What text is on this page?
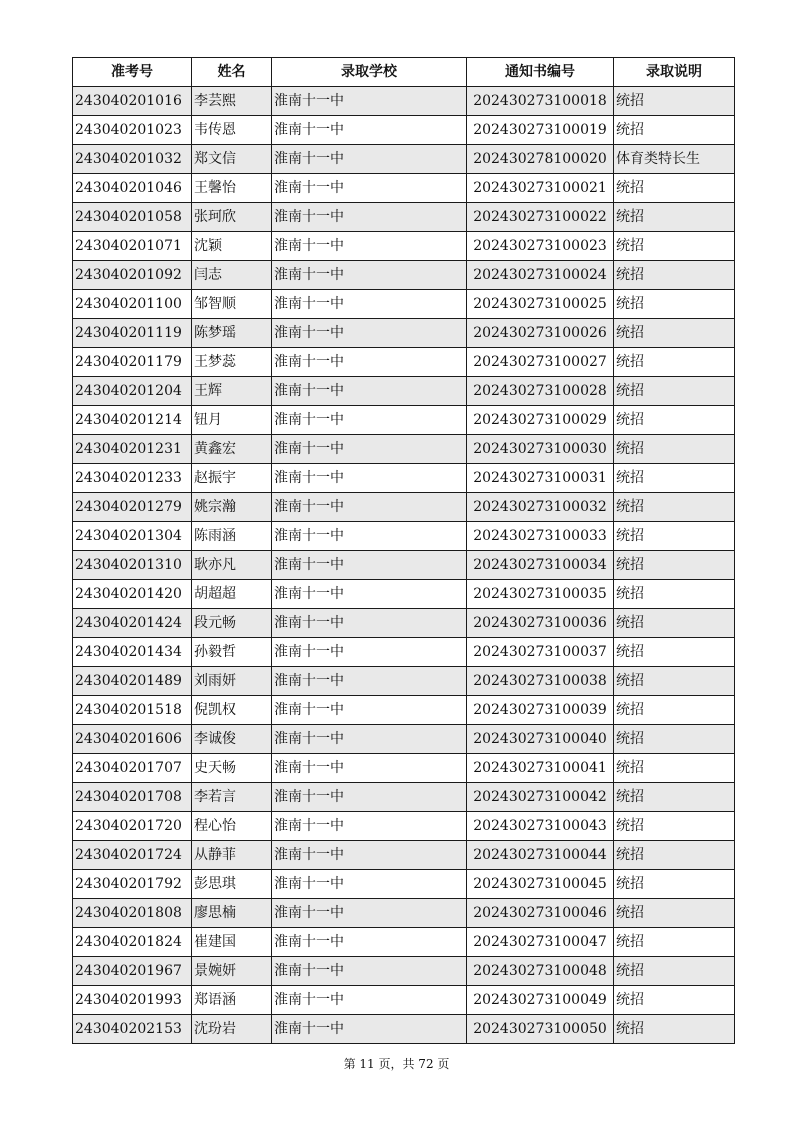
准考号	姓名	录取学校	通知书编号	录取说明
243040201016	李芸熙	淮南十一中	202430273100018	统招
243040201023	韦传恩	淮南十一中	202430273100019	统招
243040201032	郑文信	淮南十一中	202430278100020	体育类特长生
243040201046	王馨怡	淮南十一中	202430273100021	统招
243040201058	张珂欣	淮南十一中	202430273100022	统招
243040201071	沈颖	淮南十一中	202430273100023	统招
243040201092	闫志	淮南十一中	202430273100024	统招
243040201100	邹智顺	淮南十一中	202430273100025	统招
243040201119	陈梦瑶	淮南十一中	202430273100026	统招
243040201179	王梦蕊	淮南十一中	202430273100027	统招
243040201204	王辉	淮南十一中	202430273100028	统招
243040201214	钮月	淮南十一中	202430273100029	统招
243040201231	黄鑫宏	淮南十一中	202430273100030	统招
243040201233	赵振宇	淮南十一中	202430273100031	统招
243040201279	姚宗瀚	淮南十一中	202430273100032	统招
243040201304	陈雨涵	淮南十一中	202430273100033	统招
243040201310	耿亦凡	淮南十一中	202430273100034	统招
243040201420	胡超超	淮南十一中	202430273100035	统招
243040201424	段元畅	淮南十一中	202430273100036	统招
243040201434	孙毅哲	淮南十一中	202430273100037	统招
243040201489	刘雨妍	淮南十一中	202430273100038	统招
243040201518	倪凯权	淮南十一中	202430273100039	统招
243040201606	李诚俊	淮南十一中	202430273100040	统招
243040201707	史天畅	淮南十一中	202430273100041	统招
243040201708	李若言	淮南十一中	202430273100042	统招
243040201720	程心怡	淮南十一中	202430273100043	统招
243040201724	从静菲	淮南十一中	202430273100044	统招
243040201792	彭思琪	淮南十一中	202430273100045	统招
243040201808	廖思楠	淮南十一中	202430273100046	统招
243040201824	崔建国	淮南十一中	202430273100047	统招
243040201967	景婉妍	淮南十一中	202430273100048	统招
243040201993	郑语涵	淮南十一中	202430273100049	统招
243040202153	沈玢岩	淮南十一中	202430273100050	统招
第 11 页，共 72 页
